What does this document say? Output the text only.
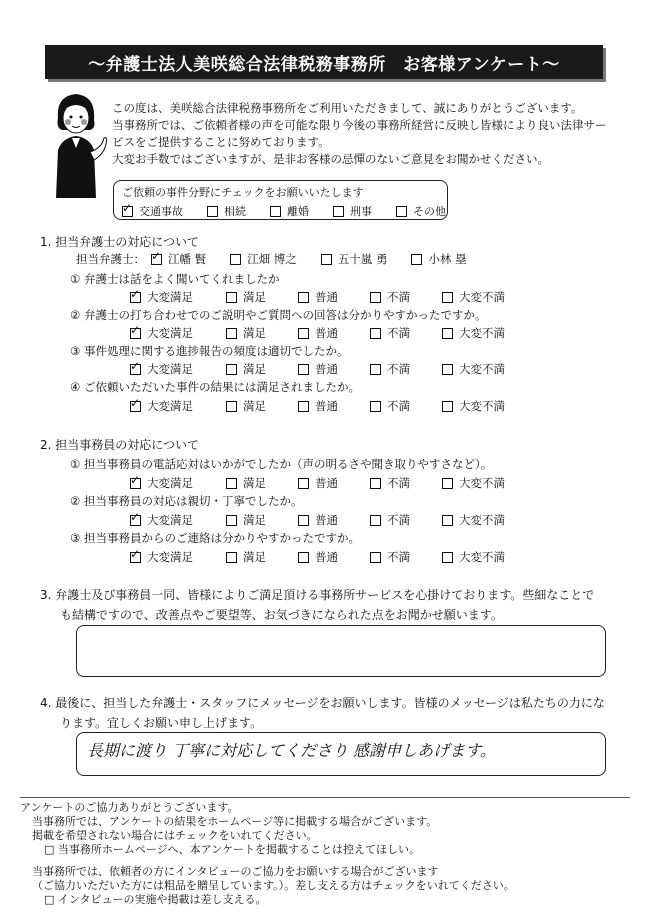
～弁護士法人美咲総合法律税務事務所　お客様アンケート～

この度は、美咲総合法律税務事務所をご利用いただきまして、誠にありがとうございます。

当事務所では、ご依頼者様の声を可能な限り今後の事務所経営に反映し皆様により良い法律サー

ビスをご提供することに努めております。

大変お手数ではございますが、是非お客様の忌憚のないご意見をお聞かせください。

ご依頼の事件分野にチェックをお願いいたします
✓
交通事故	相続	離婚	刑事	その他
1. 担当弁護士の対応について
担当弁護士：
✓ 江幡 賢	江畑 博之	五十嵐 勇	小林 塁
① 弁護士は話をよく聞いてくれましたか
✓
大変満足	満足	普通	不満	大変不満
② 弁護士の打ち合わせでのご説明やご質問への回答は分かりやすかったですか。
✓
大変満足	満足	普通	不満	大変不満
③ 事件処理に関する進捗報告の頻度は適切でしたか。
✓
大変満足	満足	普通	不満	大変不満
④ ご依頼いただいた事件の結果には満足されましたか。
✓
大変満足	満足	普通	不満	大変不満
2. 担当事務員の対応について
① 担当事務員の電話応対はいかがでしたか（声の明るさや聞き取りやすさなど）。
✓
大変満足	満足	普通	不満	大変不満
② 担当事務員の対応は親切・丁寧でしたか。
✓
大変満足	満足	普通	不満	大変不満
③ 担当事務員からのご連絡は分かりやすかったですか。
✓
大変満足	満足	普通	不満	大変不満
3. 弁護士及び事務員一同、皆様によりご満足頂ける事務所サービスを心掛けております。些細なことで
も結構ですので、改善点やご要望等、お気づきになられた点をお聞かせ願います。
4. 最後に、担当した弁護士・スタッフにメッセージをお願いします。皆様のメッセージは私たちの力にな
ります。宜しくお願い申し上げます。
長期に渡り 丁寧に対応してくださり 感謝申しあげます。
アンケートのご協力ありがとうございます。
当事務所では、アンケートの結果をホームページ等に掲載する場合がございます。
掲載を希望されない場合にはチェックをいれてください。
□ 当事務所ホームページへ、本アンケートを掲載することは控えてほしい。
当事務所では、依頼者の方にインタビューのご協力をお願いする場合がございます
（ご協力いただいた方には粗品を贈呈しています。）。差し支える方はチェックをいれてください。
□ インタビューの実施や掲載は差し支える。
